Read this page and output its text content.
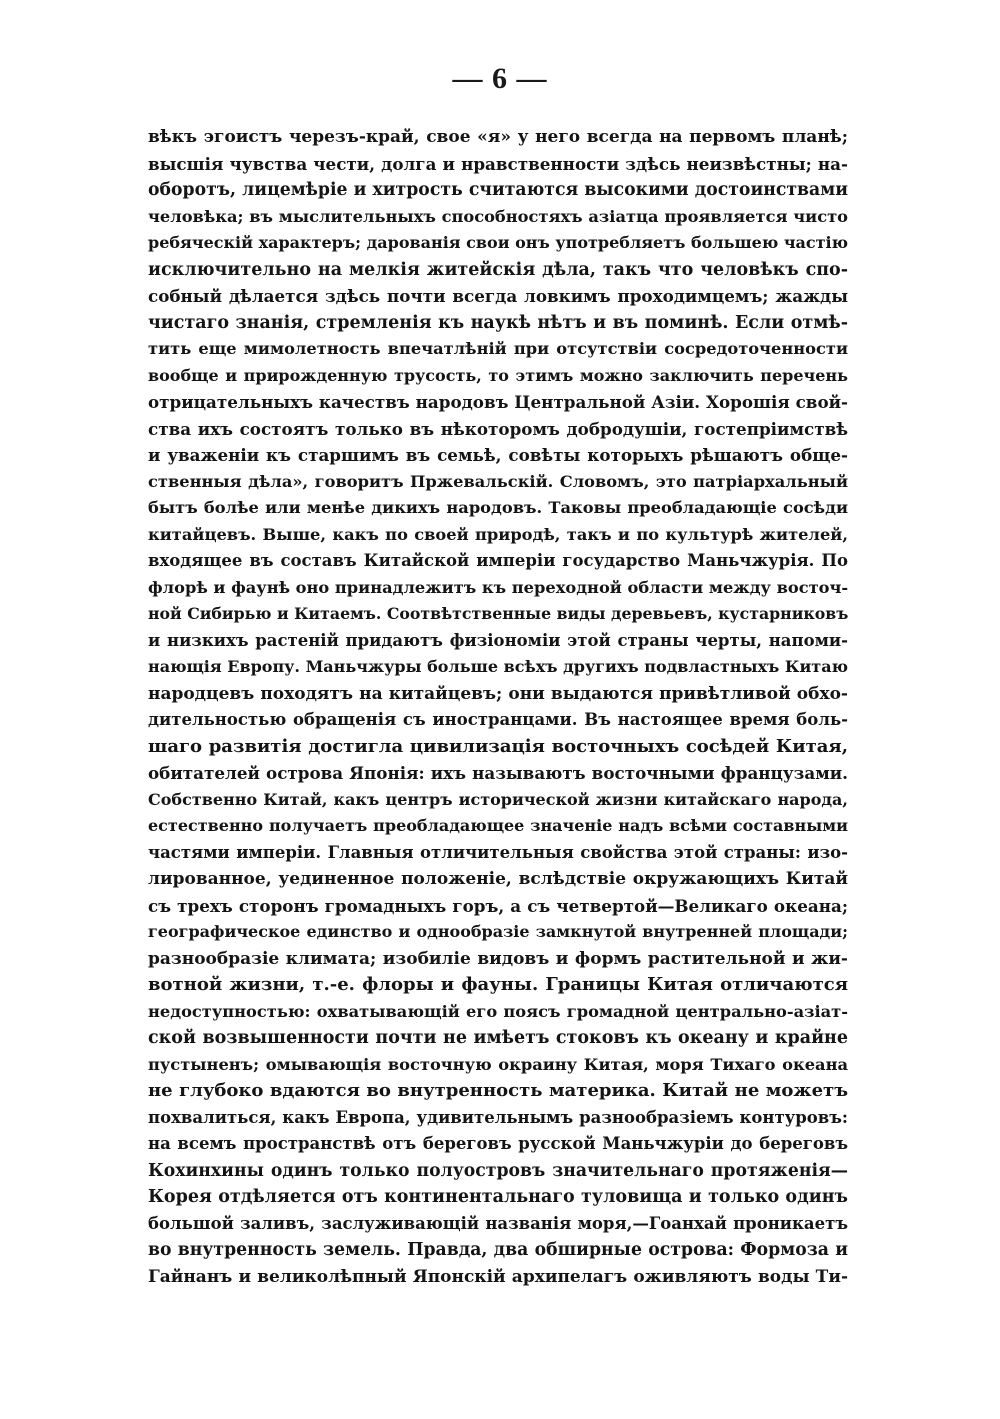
— 6 —
вѣкъ эгоистъ черезъ-край, свое «я» у него всегда на первомъ планѣ;
высшія чувства чести, долга и нравственности здѣсь неизвѣстны; на-
оборотъ, лицемѣріе и хитрость считаются высокими достоинствами
человѣка; въ мыслительныхъ способностяхъ азіатца проявляется чисто
ребяческій характеръ; дарованія свои онъ употребляетъ большею частію
исключительно на мелкія житейскія дѣла, такъ что человѣкъ спо-
собный дѣлается здѣсь почти всегда ловкимъ проходимцемъ; жажды
чистаго знанія, стремленія къ наукѣ нѣтъ и въ поминѣ. Если отмѣ-
тить еще мимолетность впечатлѣній при отсутствіи сосредоточенности
вообще и прирожденную трусость, то этимъ можно заключить перечень
отрицательныхъ качествъ народовъ Центральной Азіи. Хорошія свой-
ства ихъ состоятъ только въ нѣкоторомъ добродушіи, гостепріимствѣ
и уваженіи къ старшимъ въ семьѣ, совѣты которыхъ рѣшаютъ обще-
ственныя дѣла», говоритъ Пржевальскій. Словомъ, это патріархальный
бытъ болѣе или менѣе дикихъ народовъ. Таковы преобладающіе сосѣди
китайцевъ. Выше, какъ по своей природѣ, такъ и по культурѣ жителей,
входящее въ составъ Китайской имперіи государство Маньчжурія. По
флорѣ и фаунѣ оно принадлежитъ къ переходной области между восточ-
ной Сибирью и Китаемъ. Соотвѣтственные виды деревьевъ, кустарниковъ
и низкихъ растеній придаютъ физіономіи этой страны черты, напоми-
нающія Европу. Маньчжуры больше всѣхъ другихъ подвластныхъ Китаю
народцевъ походятъ на китайцевъ; они выдаются привѣтливой обхо-
дительностью обращенія съ иностранцами. Въ настоящее время боль-
шаго развитія достигла цивилизація восточныхъ сосѣдей Китая,
обитателей острова Японія: ихъ называютъ восточными французами.
Собственно Китай, какъ центръ исторической жизни китайскаго народа,
естественно получаетъ преобладающее значеніе надъ всѣми составными
частями имперіи. Главныя отличительныя свойства этой страны: изо-
лированное, уединенное положеніе, вслѣдствіе окружающихъ Китай
съ трехъ сторонъ громадныхъ горъ, а съ четвертой—Великаго океана;
географическое единство и однообразіе замкнутой внутренней площади;
разнообразіе климата; изобиліе видовъ и формъ растительной и жи-
вотной жизни, т.-е. флоры и фауны. Границы Китая отличаются
недоступностью: охватывающій его поясъ громадной центрально-азіат-
ской возвышенности почти не имѣетъ стоковъ къ океану и крайне
пустыненъ; омывающія восточную окраину Китая, моря Тихаго океана
не глубоко вдаются во внутренность материка. Китай не можетъ
похвалиться, какъ Европа, удивительнымъ разнообразіемъ контуровъ:
на всемъ пространствѣ отъ береговъ русской Маньчжуріи до береговъ
Кохинхины одинъ только полуостровъ значительнаго протяженія—
Корея отдѣляется отъ континентальнаго туловища и только одинъ
большой заливъ, заслуживающій названія моря,—Гоанхай проникаетъ
во внутренность земель. Правда, два обширные острова: Формоза и
Гайнанъ и великолѣпный Японскій архипелагъ оживляютъ воды Ти-
